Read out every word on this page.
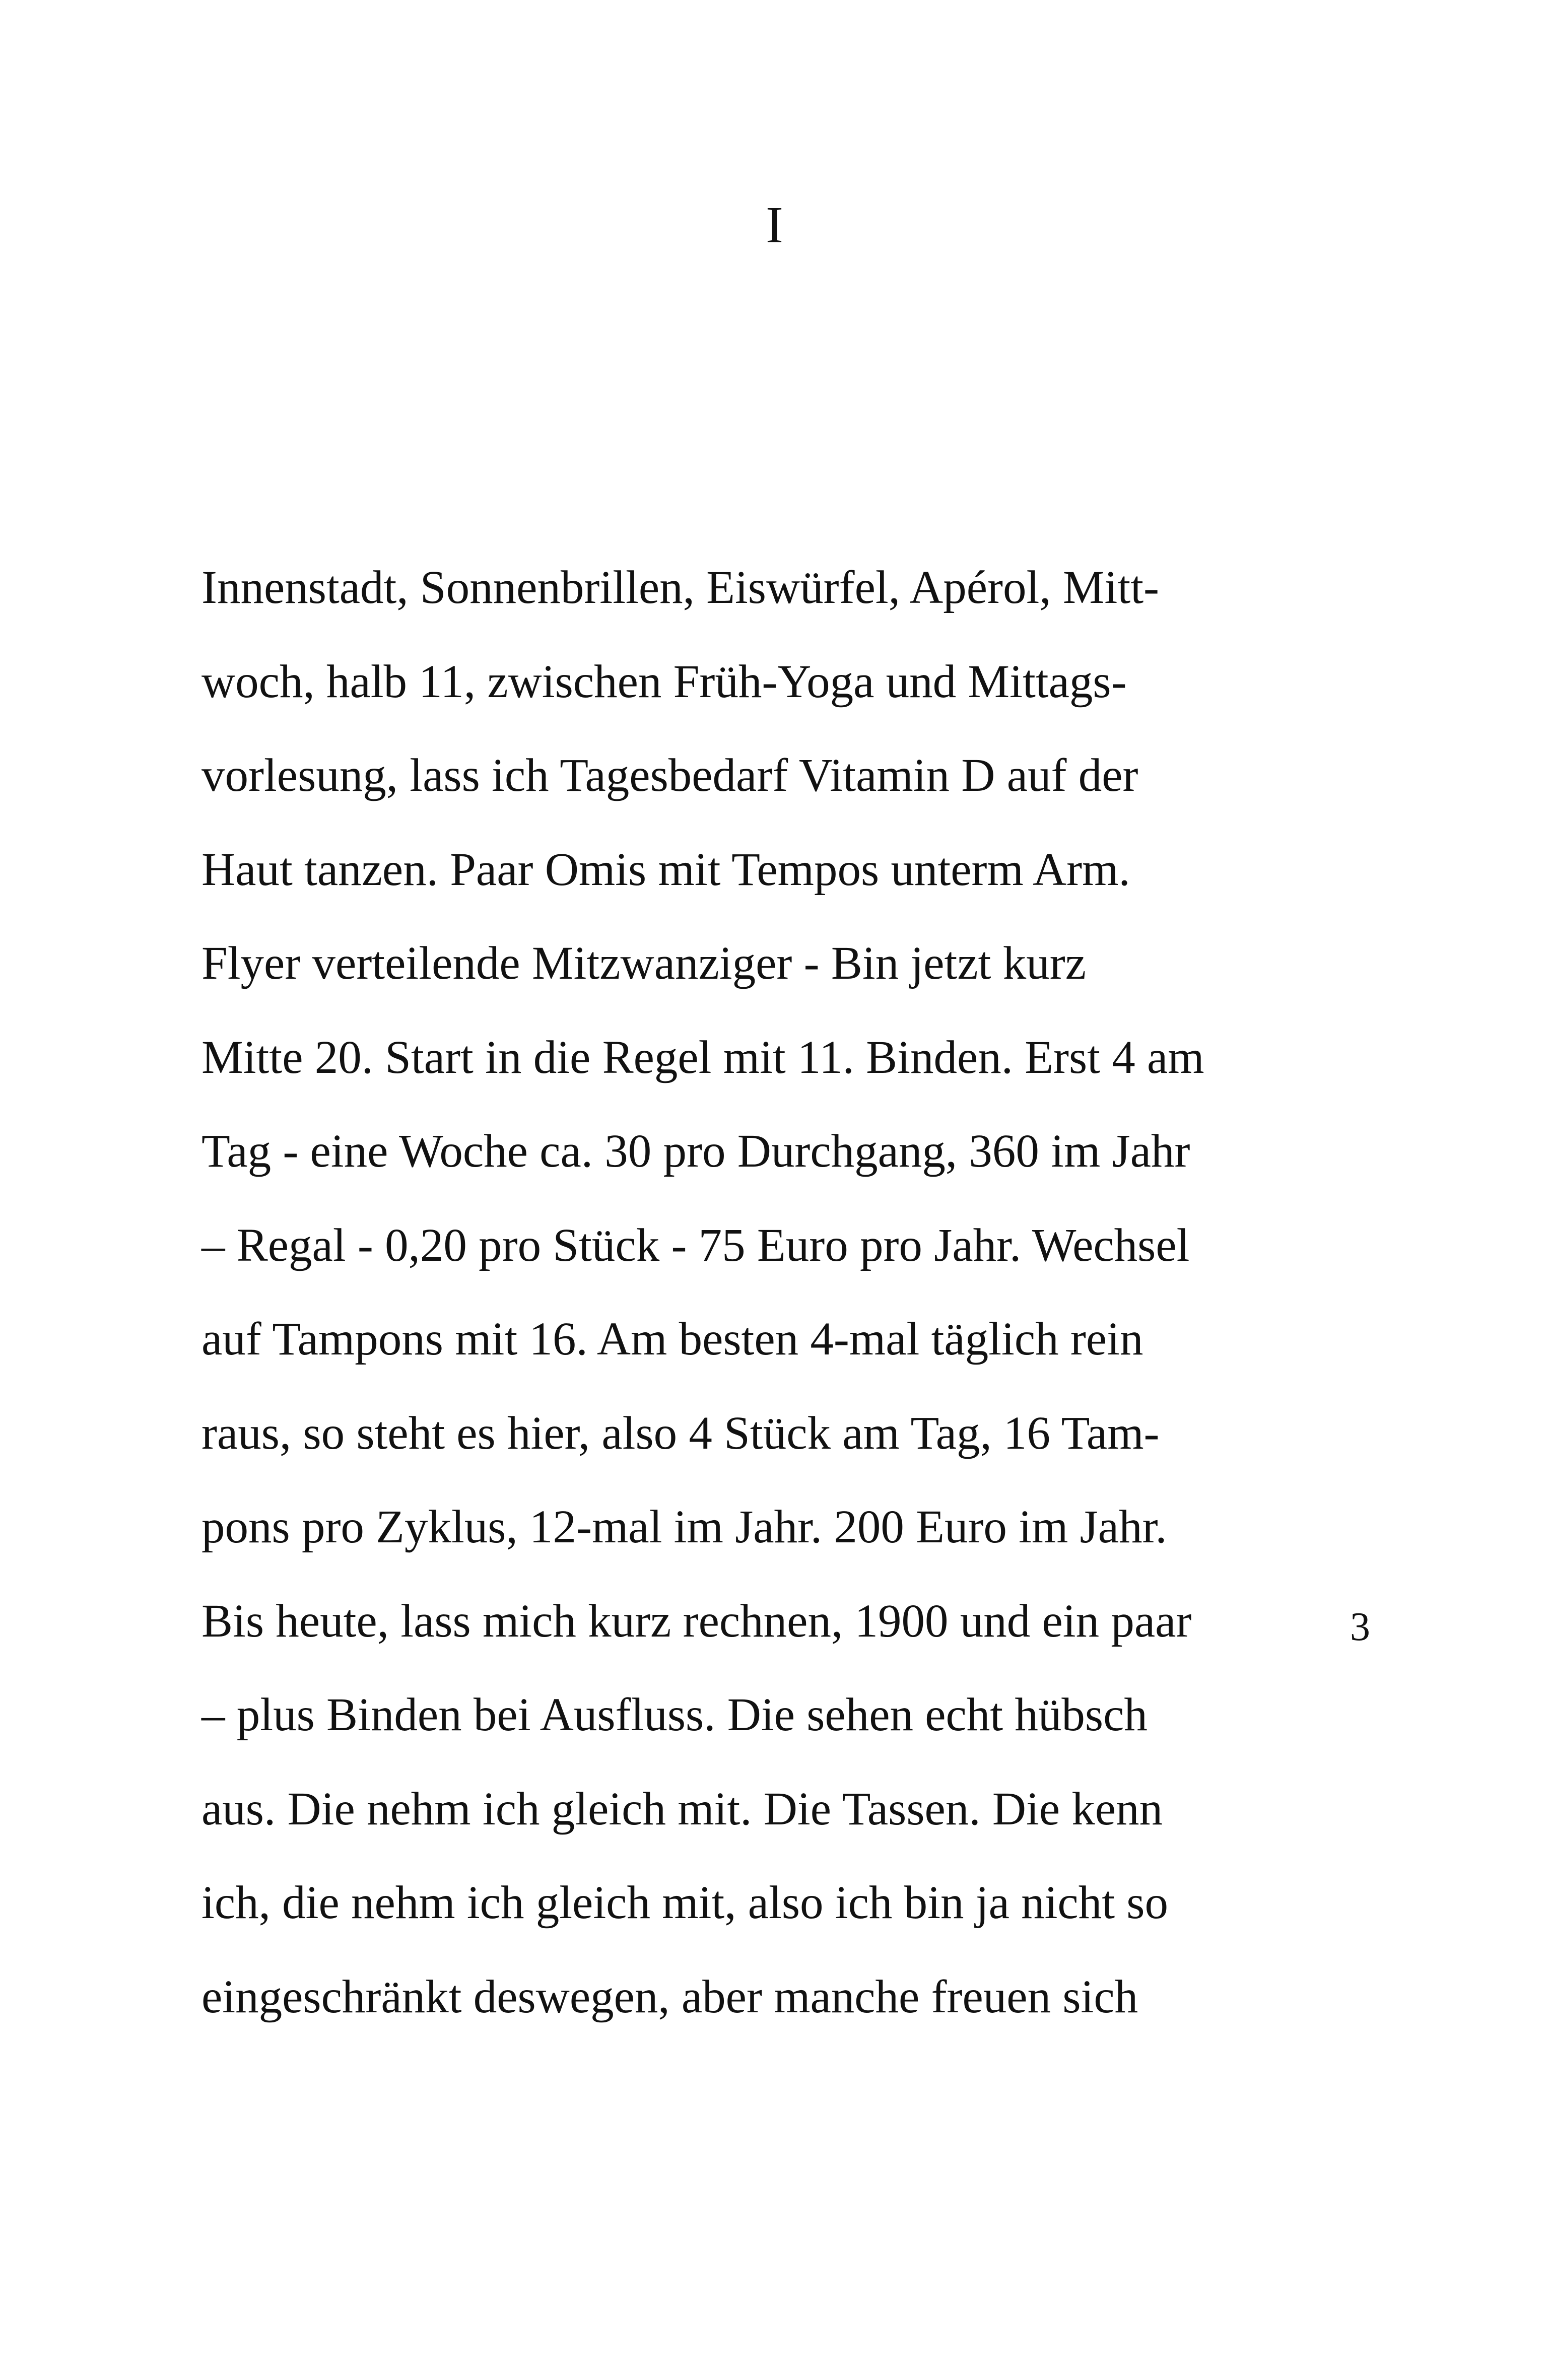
I
Innenstadt, Sonnenbrillen, Eiswürfel, Apérol, Mitt-
woch, halb 11, zwischen Früh-Yoga und Mittags-
vorlesung, lass ich Tagesbedarf Vitamin D auf der
Haut tanzen. Paar Omis mit Tempos unterm Arm.
Flyer verteilende Mitzwanziger - Bin jetzt kurz
Mitte 20. Start in die Regel mit 11. Binden. Erst 4 am
Tag - eine Woche ca. 30 pro Durchgang, 360 im Jahr
– Regal - 0,20 pro Stück - 75 Euro pro Jahr. Wechsel
auf Tampons mit 16. Am besten 4-mal täglich rein
raus, so steht es hier, also 4 Stück am Tag, 16 Tam-
pons pro Zyklus, 12-mal im Jahr. 200 Euro im Jahr.
Bis heute, lass mich kurz rechnen, 1900 und ein paar
– plus Binden bei Ausfluss. Die sehen echt hübsch
aus. Die nehm ich gleich mit. Die Tassen. Die kenn
ich, die nehm ich gleich mit, also ich bin ja nicht so
eingeschränkt deswegen, aber manche freuen sich
3
